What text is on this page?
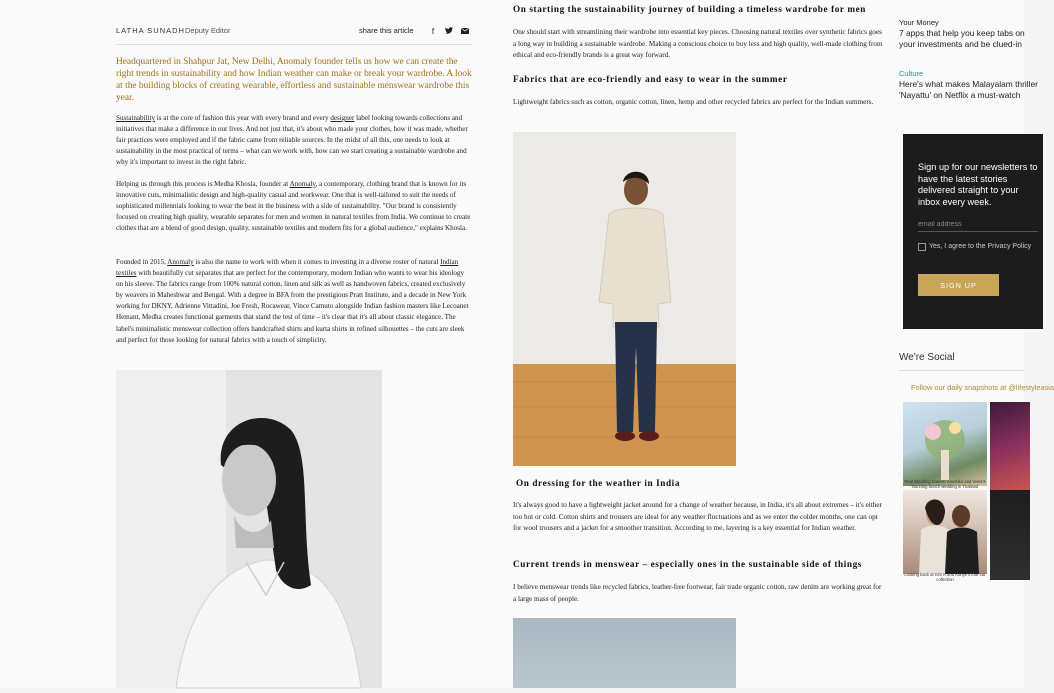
LATHA SUNADH Deputy Editor	share this article	f

Headquartered in Shahpur Jat, New Delhi, Anomaly founder tells us how we can create the right trends in sustainability and how Indian weather can make or break your wardrobe. A look at the building blocks of creating wearable, effortless and sustainable menswear wardrobe this year.

Sustainability is at the core of fashion this year with every brand and every designer label looking towards collections and initiatives that make a difference in our lives. And not just that, it's about who made your clothes, how it was made, whether fair practices were employed and if the fabric came from reliable sources. In the midst of all this, one needs to look at sustainability in the most practical of terms – what can we work with, how can we start creating a sustainable wardrobe and why it's important to invest in the right fabric.

Helping us through this process is Medha Khosla, founder at Anomaly, a contemporary, clothing brand that is known for its innovative cuts, minimalistic design and high-quality casual and workwear. One that is well-tailored to suit the needs of sophisticated millennials looking to wear the best in the business with a side of sustainability. "Our brand is consistently focused on creating high quality, wearable separates for men and women in natural textiles from India. We continue to create clothes that are a blend of good design, quality, sustainable textiles and modern fits for a global audience," explains Khosla.

Founded in 2015, Anomaly is also the name to work with when it comes to investing in a diverse roster of natural Indian textiles with beautifully cut separates that are perfect for the contemporary, modern Indian who wants to wear his ideology on his sleeve. The fabrics range from 100% natural cotton, linen and silk as well as handwoven fabrics, created exclusively by weavers in Maheshwar and Bengal. With a degree in BFA from the prestigious Pratt Institute, and a decade in New York working for DKNY, Adrienne Vittadini, Joe Fresh, Rocawear, Vince Camuto alongside Indian fashion masters like Lecoanet Hemant, Medha creates functional garments that stand the test of time – it's clear that it's all about classic elegance. The label's minimalistic menswear collection offers handcrafted shirts and kurta shirts in refined silhouettes – the cuts are sleek and perfect for those looking for natural fabrics with a touch of simplicity.

On starting the sustainability journey of building a timeless wardrobe for men

One should start with streamlining their wardrobe into essential key pieces. Choosing natural textiles over synthetic fabrics goes a long way in building a sustainable wardrobe. Making a conscious choice to buy less and high quality, well-made clothing from ethical and eco-friendly brands is a great way forward.

Fabrics that are eco-friendly and easy to wear in the summer

Lightweight fabrics such as cotton, organic cotton, linen, hemp and other recycled fabrics are perfect for the Indian summers.

On dressing for the weather in India

It's always good to have a lightweight jacket around for a change of weather because, in India, it's all about extremes – it's either too hot or cold. Cotton shirts and trousers are ideal for any weather fluctuations and as we enter the colder months, one can opt for wool trousers and a jacket for a smoother transition. According to me, layering is a key essential for Indian weather.

Current trends in menswear – especially ones in the sustainable side of things

I believe menswear trends like recycled fabrics, leather-free footwear, fair trade organic cotton, raw denim are working great for a large mass of people.

Your Money

7 apps that help you keep tabs on your investments and be clued-in

Culture

Here's what makes Malayalam thriller 'Nayattu' on Netflix a must-watch

Sign up for our newsletters to have the latest stories delivered straight to your inbox every week.

email address
Yes, I agree to the Privacy Policy
SIGN UP
We're Social
Follow our daily snapshots at @lifestyleasia

Real Wedding Diaries: Anushka and Vivek's stunning beach wedding in Thailand

Looking back at Kim K and Kanye's four-car collection
